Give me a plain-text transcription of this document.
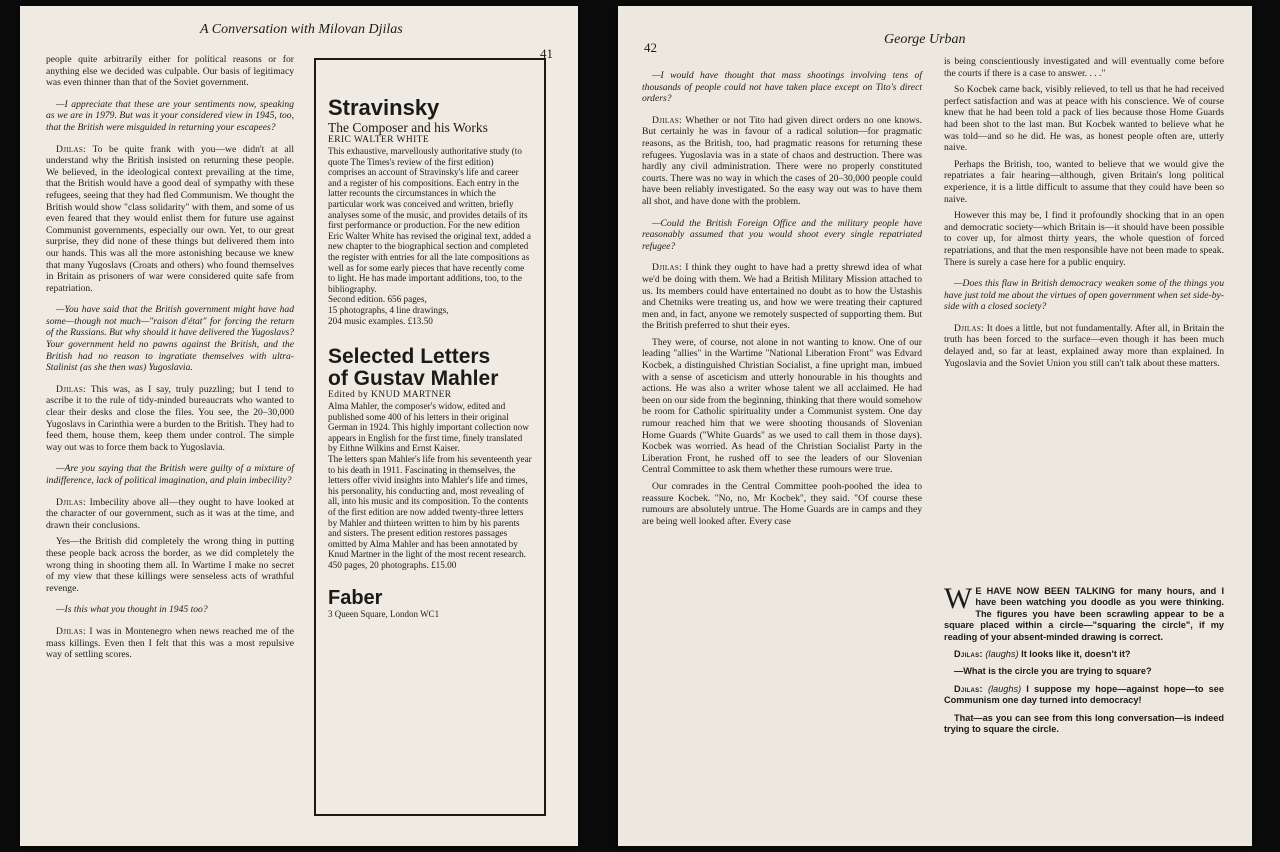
A Conversation with Milovan Djilas
41

people quite arbitrarily either for political reasons or for anything else we decided was culpable. Our basis of legitimacy was even thinner than that of the Soviet government.

—I appreciate that these are your sentiments now, speaking as we are in 1979. But was it your considered view in 1945, too, that the British were misguided in returning your escapees?

Djilas: To be quite frank with you—we didn't at all understand why the British insisted on returning these people. We believed, in the ideological context prevailing at the time, that the British would have a good deal of sympathy with these refugees, seeing that they had fled Communism. We thought the British would show "class solidarity" with them, and some of us even feared that they would enlist them for future use against Communist governments, especially our own. Yet, to our great surprise, they did none of these things but delivered them into our hands. This was all the more astonishing because we knew that many Yugoslavs (Croats and others) who found themselves in Britain as prisoners of war were considered quite safe from repatriation.

—You have said that the British government might have had some—though not much—"raison d'état" for forcing the return of the Russians. But why should it have delivered the Yugoslavs? Your government held no pawns against the British, and the British had no reason to ingratiate themselves with ultra-Stalinist (as she then was) Yugoslavia.

Djilas: This was, as I say, truly puzzling; but I tend to ascribe it to the rule of tidy-minded bureaucrats who wanted to clear their desks and close the files. You see, the 20–30,000 Yugoslavs in Carinthia were a burden to the British. They had to feed them, house them, keep them under control. The simple way out was to force them back to Yugoslavia.

—Are you saying that the British were guilty of a mixture of indifference, lack of political imagination, and plain imbecility?

Djilas: Imbecility above all—they ought to have looked at the character of our government, such as it was at the time, and drawn their conclusions.

Yes—the British did completely the wrong thing in putting these people back across the border, as we did completely the wrong thing in shooting them all. In Wartime I make no secret of my view that these killings were senseless acts of wrathful revenge.

—Is this what you thought in 1945 too?

Djilas: I was in Montenegro when news reached me of the mass killings. Even then I felt that this was a most repulsive way of settling scores.

Stravinsky
The Composer and his Works
ERIC WALTER WHITE

This exhaustive, marvellously authoritative study (to quote The Times's review of the first edition) comprises an account of Stravinsky's life and career and a register of his compositions. Each entry in the latter recounts the circumstances in which the particular work was conceived and written, briefly analyses some of the music, and provides details of its first performance or production. For the new edition Eric Walter White has revised the original text, added a new chapter to the biographical section and completed the register with entries for all the late compositions as well as for some early pieces that have recently come to light. He has made important additions, too, to the bibliography.

Second edition. 656 pages,

15 photographs, 4 line drawings,

204 music examples. £13.50

Selected Letters
of Gustav Mahler
Edited by KNUD MARTNER

Alma Mahler, the composer's widow, edited and published some 400 of his letters in their original German in 1924. This highly important collection now appears in English for the first time, finely translated by Eithne Wilkins and Ernst Kaiser.

The letters span Mahler's life from his seventeenth year to his death in 1911. Fascinating in themselves, the letters offer vivid insights into Mahler's life and times, his personality, his conducting and, most revealing of all, into his music and its composition. To the contents of the first edition are now added twenty-three letters by Mahler and thirteen written to him by his parents and sisters. The present edition restores passages omitted by Alma Mahler and has been annotated by Knud Martner in the light of the most recent research.

450 pages, 20 photographs. £15.00

Faber
3 Queen Square, London WC1
42
George Urban

—I would have thought that mass shootings involving tens of thousands of people could not have taken place except on Tito's direct orders?

Djilas: Whether or not Tito had given direct orders no one knows. But certainly he was in favour of a radical solution—for pragmatic reasons, as the British, too, had pragmatic reasons for returning these refugees. Yugoslavia was in a state of chaos and destruction. There was hardly any civil administration. There were no properly constituted courts. There was no way in which the cases of 20–30,000 people could have been reliably investigated. So the easy way out was to have them all shot, and have done with the problem.

—Could the British Foreign Office and the military people have reasonably assumed that you would shoot every single repatriated refugee?

Djilas: I think they ought to have had a pretty shrewd idea of what we'd be doing with them. We had a British Military Mission attached to us. Its members could have entertained no doubt as to how the Ustashis and Chetniks were treating us, and how we were treating their captured men and, in fact, anyone we remotely suspected of supporting them. But the British preferred to shut their eyes.

They were, of course, not alone in not wanting to know. One of our leading "allies" in the Wartime "National Liberation Front" was Edvard Kocbek, a distinguished Christian Socialist, a fine upright man, imbued with a sense of asceticism and utterly honourable in his thoughts and actions. He was also a writer whose talent we all acclaimed. He had been on our side from the beginning, thinking that there would somehow be room for Catholic spirituality under a Communist system. One day rumour reached him that we were shooting thousands of Slovenian Home Guards ("White Guards" as we used to call them in those days). Kocbek was worried. As head of the Christian Socialist Party in the Liberation Front, he rushed off to see the leaders of our Slovenian Central Committee to ask them whether these rumours were true.

Our comrades in the Central Committee pooh-poohed the idea to reassure Kocbek. "No, no, Mr Kocbek", they said. "Of course these rumours are absolutely untrue. The Home Guards are in camps and they are being well looked after. Every case

is being conscientiously investigated and will eventually come before the courts if there is a case to answer. . . ."

So Kocbek came back, visibly relieved, to tell us that he had received perfect satisfaction and was at peace with his conscience. We of course knew that he had been told a pack of lies because those Home Guards had been shot to the last man. But Kocbek wanted to believe what he was told—and so he did. He was, as honest people often are, utterly naive.

Perhaps the British, too, wanted to believe that we would give the repatriates a fair hearing—although, given Britain's long political experience, it is a little difficult to assume that they could have been so naive.

However this may be, I find it profoundly shocking that in an open and democratic society—which Britain is—it should have been possible to cover up, for almost thirty years, the whole question of forced repatriations, and that the men responsible have not been made to speak. There is surely a case here for a public enquiry.

—Does this flaw in British democracy weaken some of the things you have just told me about the virtues of open government when set side-by-side with a closed society?

Djilas: It does a little, but not fundamentally. After all, in Britain the truth has been forced to the surface—even though it has been much delayed and, so far at least, explained away more than explained. In Yugoslavia and the Soviet Union you still can't talk about these matters.

W E HAVE NOW BEEN TALKING for many hours, and I have been watching you doodle as you were thinking. The figures you have been scrawling appear to be a square placed within a circle—"squaring the circle", if my reading of your absent-minded drawing is correct.

Djilas: (laughs) It looks like it, doesn't it?

—What is the circle you are trying to square?

Djilas: (laughs) I suppose my hope—against hope—to see Communism one day turned into democracy!

That—as you can see from this long conversation—is indeed trying to square the circle.
